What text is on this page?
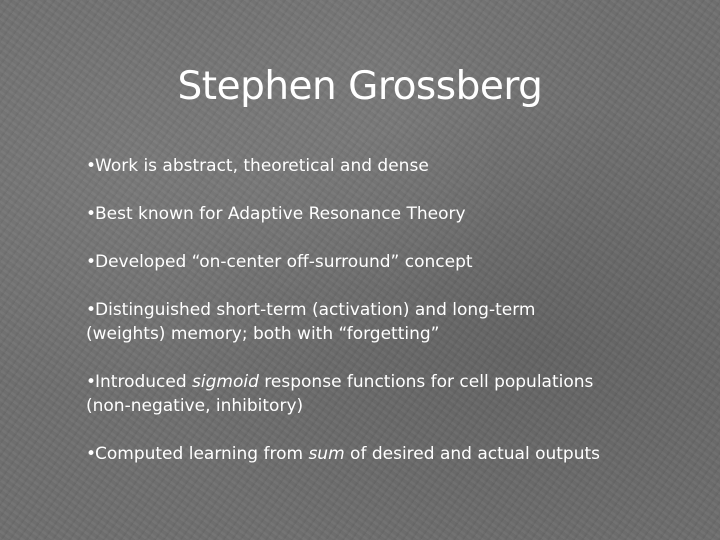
Stephen Grossberg
•Work is abstract, theoretical and dense
•Best known for Adaptive Resonance Theory
•Developed “on-center off-surround” concept
•Distinguished short-term (activation) and long-term
(weights) memory; both with “forgetting”
•Introduced sigmoid response functions for cell populations
(non-negative, inhibitory)
•Computed learning from sum of desired and actual outputs
